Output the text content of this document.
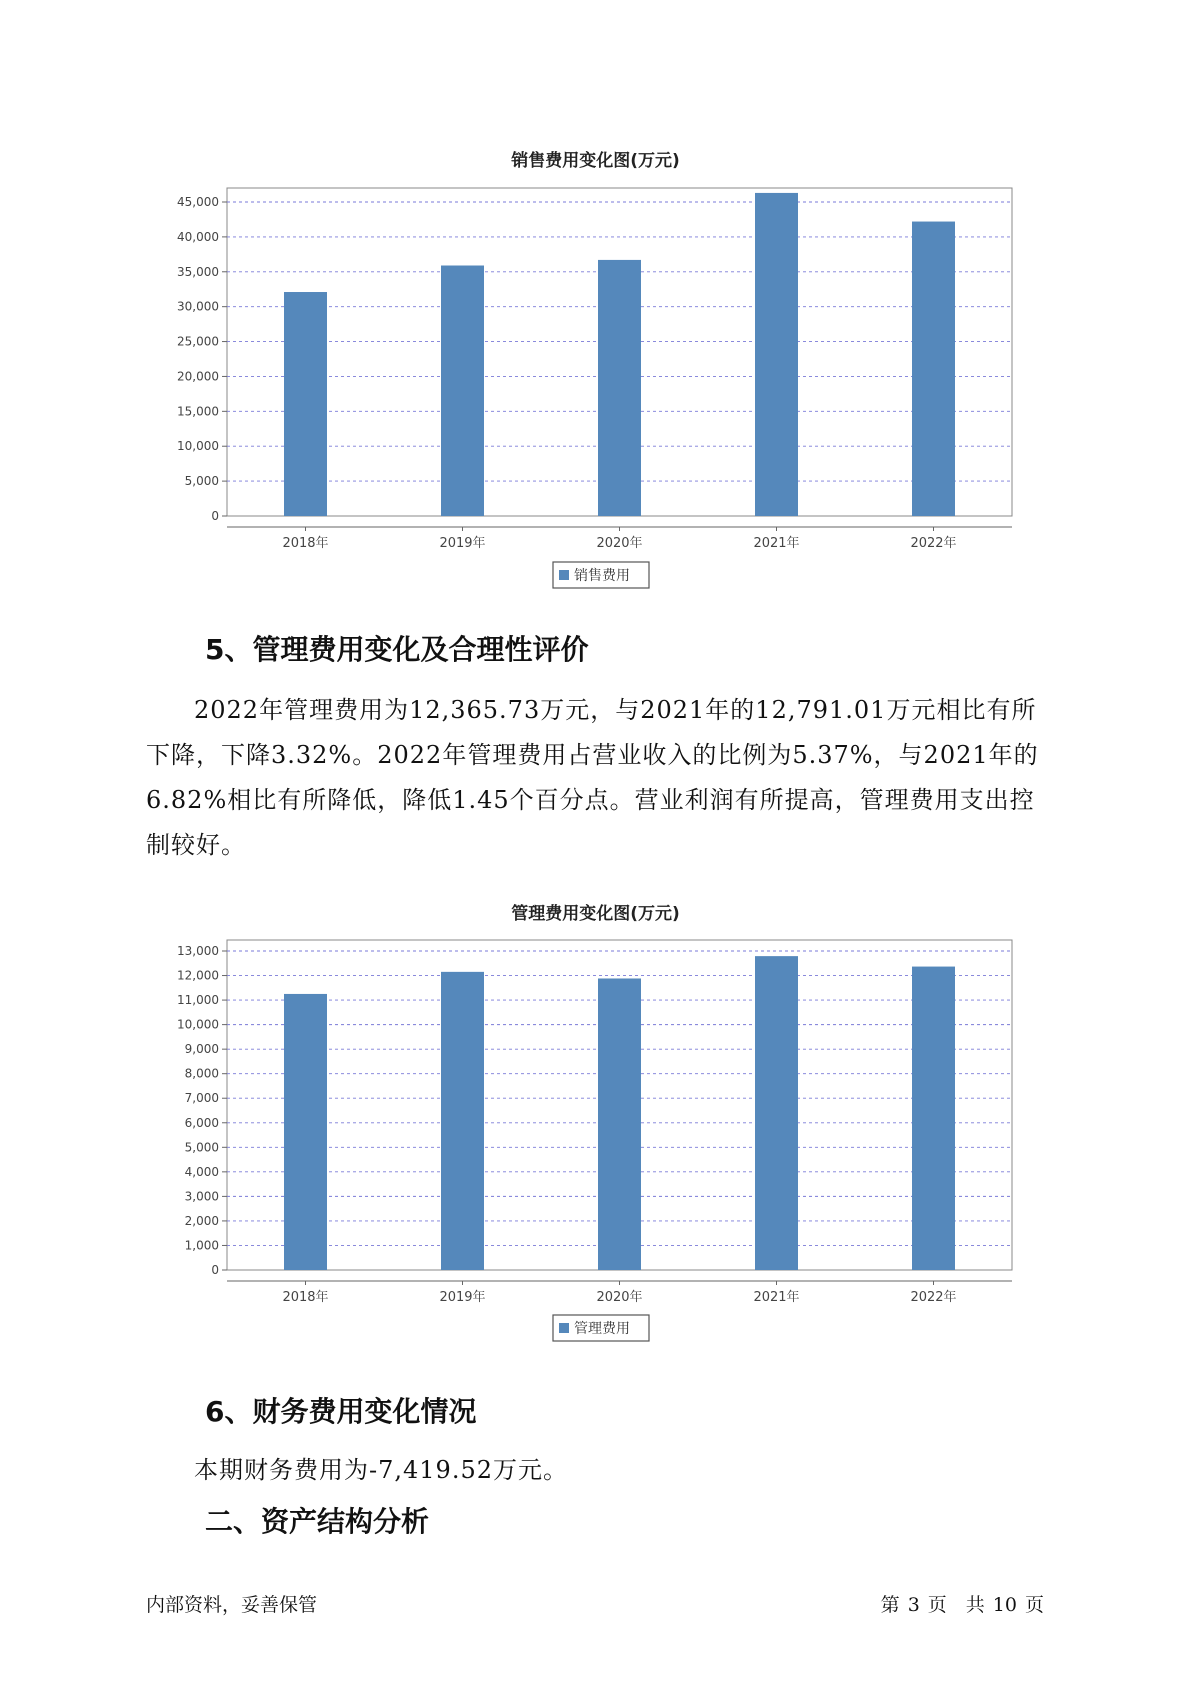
销售费用变化图(万元)
0
5,000
10,000
15,000
20,000
25,000
30,000
35,000
40,000
45,000
2018年	2019年	2020年	2021年	2022年
销售费用
5、管理费用变化及合理性评价

2022年管理费用为12,365.73万元，与2021年的12,791.01万元相比有所下降，下降3.32%。2022年管理费用占营业收入的比例为5.37%，与2021年的6.82%相比有所降低，降低1.45个百分点。营业利润有所提高，管理费用支出控制较好。

管理费用变化图(万元)
0
1,000
2,000
3,000
4,000
5,000
6,000
7,000
8,000
9,000
10,000
11,000
12,000
13,000
2018年	2019年	2020年	2021年	2022年
管理费用
6、财务费用变化情况

本期财务费用为-7,419.52万元。

二、资产结构分析
内部资料，妥善保管	第 3 页　共 10 页
